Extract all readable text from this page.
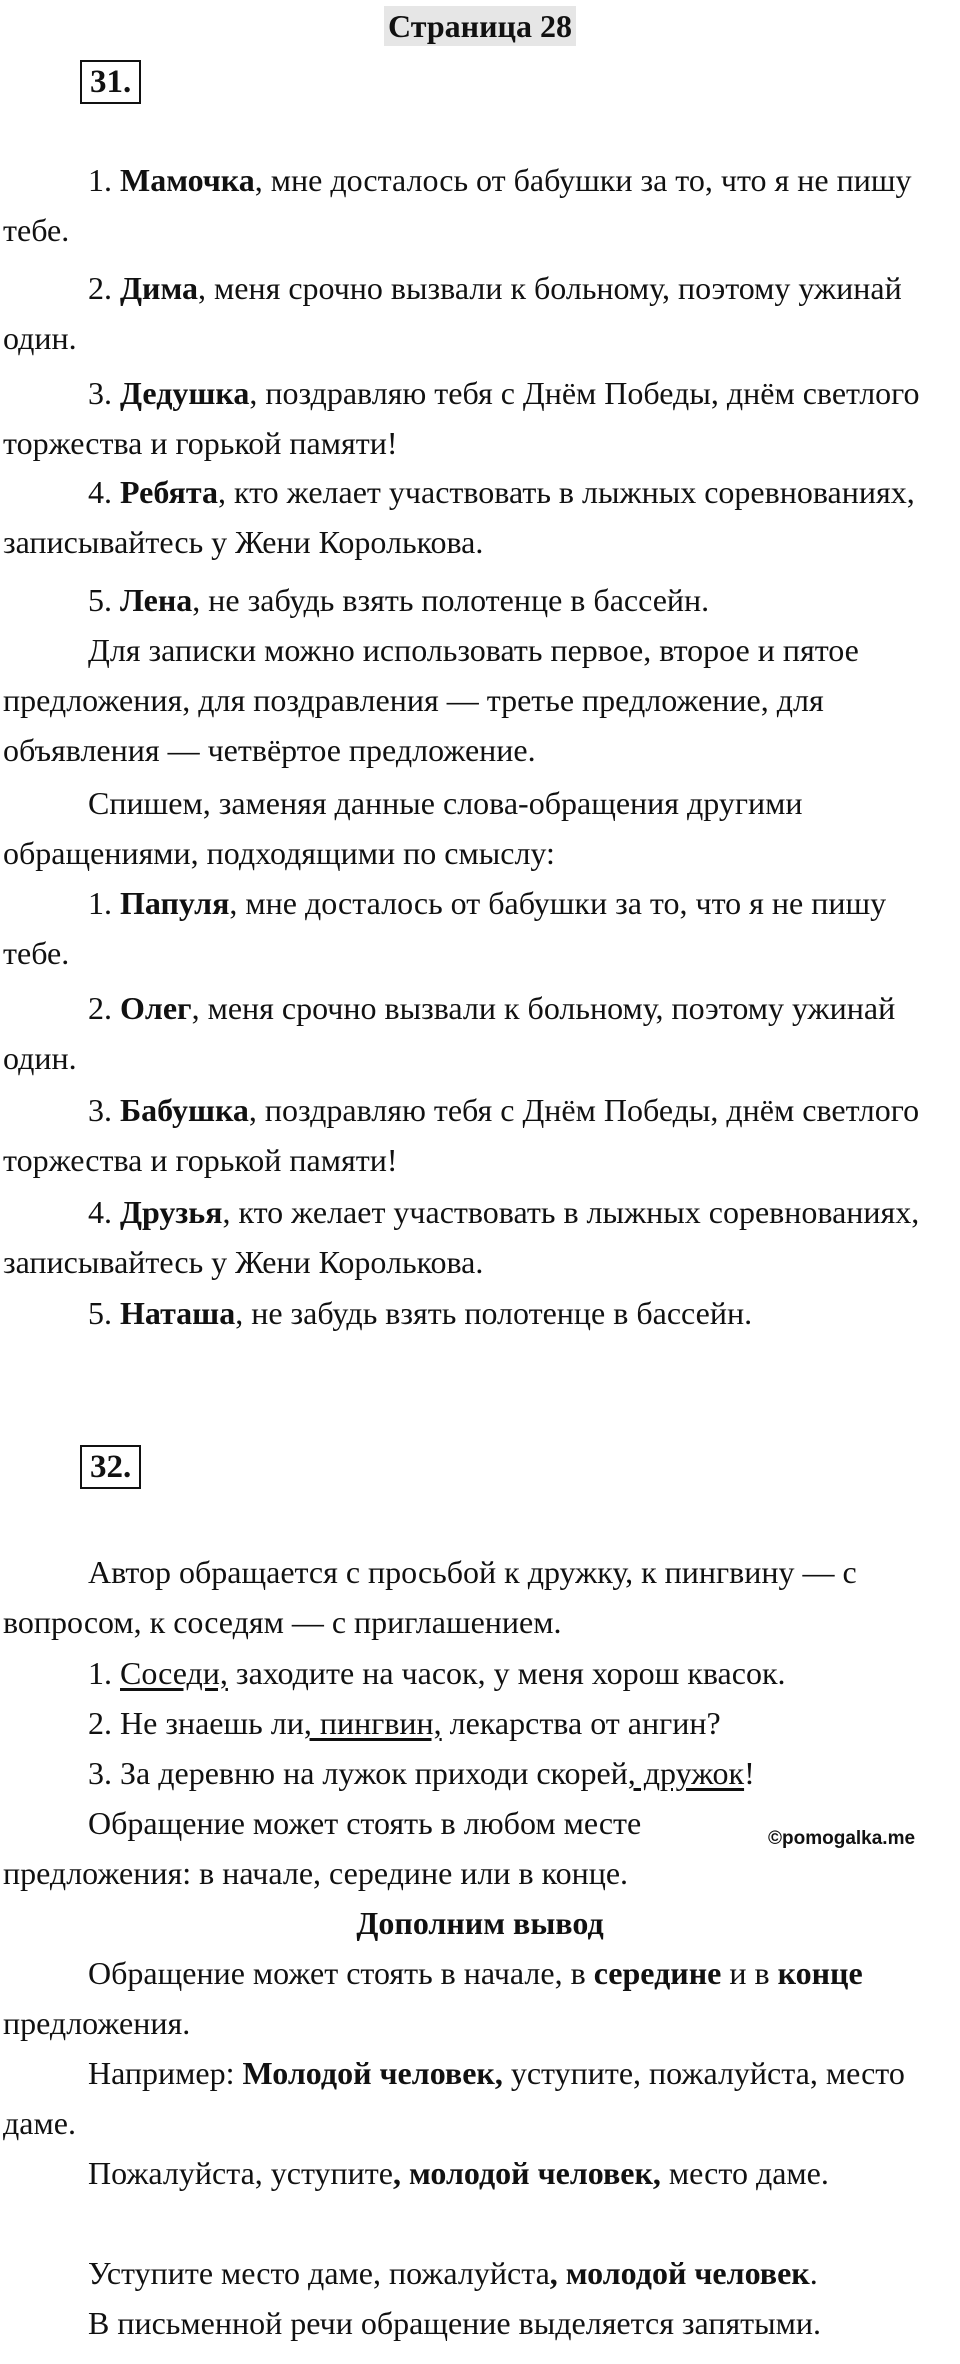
Страница 28
31.

1. Мамочка, мне досталось от бабушки за то, что я не пишу тебе.

2. Дима, меня срочно вызвали к больному, поэтому ужинай один.

3. Дедушка, поздравляю тебя с Днём Победы, днём светлого торжества и горькой памяти!

4. Ребята, кто желает участвовать в лыжных соревнованиях, записывайтесь у Жени Королькова.

5. Лена, не забудь взять полотенце в бассейн.

Для записки можно использовать первое, второе и пятое предложения, для поздравления — третье предложение, для объявления — четвёртое предложение.

Спишем, заменяя данные слова-обращения другими обращениями, подходящими по смыслу:

1. Папуля, мне досталось от бабушки за то, что я не пишу тебе.

2. Олег, меня срочно вызвали к больному, поэтому ужинай один.

3. Бабушка, поздравляю тебя с Днём Победы, днём светлого торжества и горькой памяти!

4. Друзья, кто желает участвовать в лыжных соревнованиях, записывайтесь у Жени Королькова.

5. Наташа, не забудь взять полотенце в бассейн.

32.

Автор обращается с просьбой к дружку, к пингвину — с вопросом, к соседям — с приглашением.

1. Соседи, заходите на часок, у меня хорош квасок.

2. Не знаешь ли, пингвин, лекарства от ангин?

3. За деревню на лужок приходи скорей, дружок!

Обращение может стоять в любом месте предложения: в начале, середине или в конце.

©pomogalka.me

Дополним вывод

Обращение может стоять в начале, в середине и в конце предложения.

Например: Молодой человек, уступите, пожалуйста, место даме.

Пожалуйста, уступите, молодой человек, место даме.

Уступите место даме, пожалуйста, молодой человек.

В письменной речи обращение выделяется запятыми.
